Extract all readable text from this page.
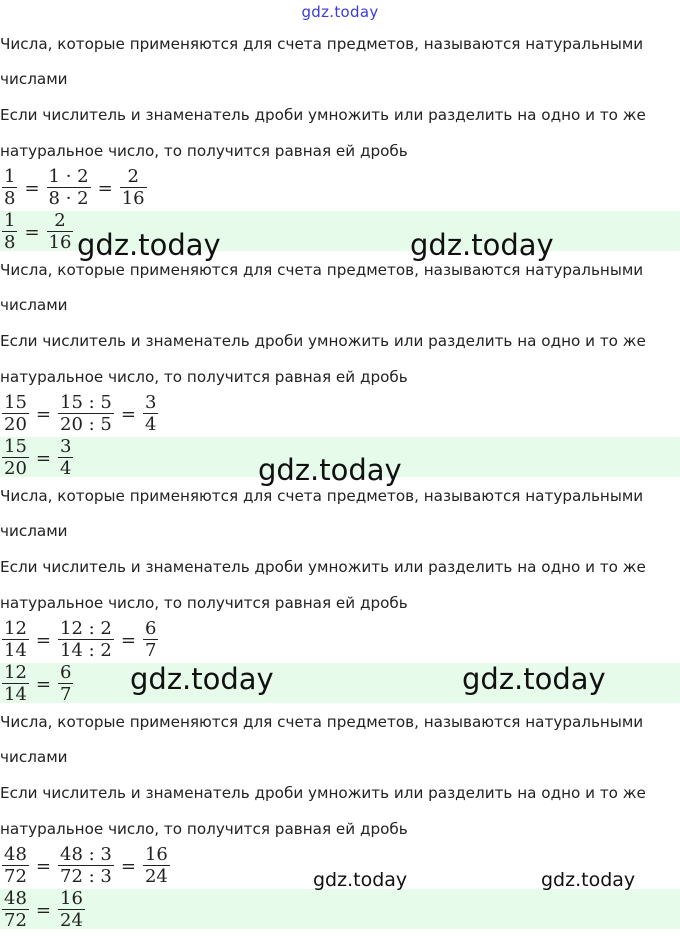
gdz.today
Числа, которые применяются для счета предметов, называются натуральными
числами
Если числитель и знаменатель дроби умножить или разделить на одно и то же
натуральное число, то получится равная ей дробь
$\frac{1}{8} = \frac{1 \cdot 2}{8 \cdot 2} = \frac{2}{16}$
$\frac{1}{8} = \frac{2}{16}$
Числа, которые применяются для счета предметов, называются натуральными
числами
Если числитель и знаменатель дроби умножить или разделить на одно и то же
натуральное число, то получится равная ей дробь
$\frac{15}{20} = \frac{15 : 5}{20 : 5} = \frac{3}{4}$
$\frac{15}{20} = \frac{3}{4}$
Числа, которые применяются для счета предметов, называются натуральными
числами
Если числитель и знаменатель дроби умножить или разделить на одно и то же
натуральное число, то получится равная ей дробь
$\frac{12}{14} = \frac{12 : 2}{14 : 2} = \frac{6}{7}$
$\frac{12}{14} = \frac{6}{7}$
Числа, которые применяются для счета предметов, называются натуральными
числами
Если числитель и знаменатель дроби умножить или разделить на одно и то же
натуральное число, то получится равная ей дробь
$\frac{48}{72} = \frac{48 : 3}{72 : 3} = \frac{16}{24}$
$\frac{48}{72} = \frac{16}{24}$
gdz.today	gdz.today
gdz.today
gdz.today	gdz.today
gdz.today	gdz.today
